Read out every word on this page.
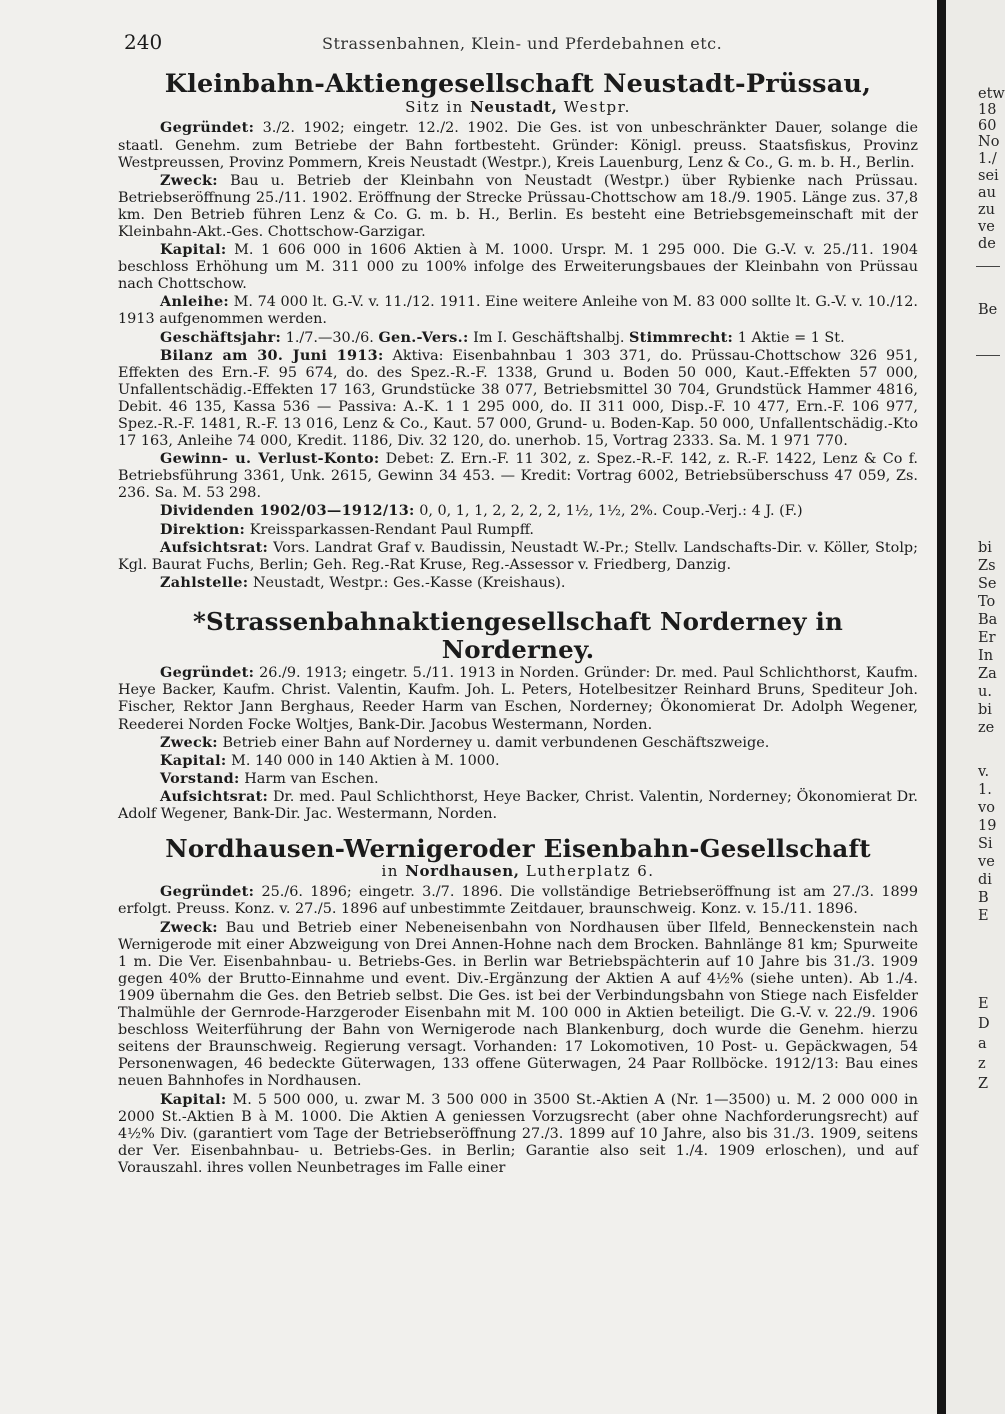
240	Strassenbahnen, Klein- und Pferdebahnen etc.
Kleinbahn-Aktiengesellschaft Neustadt-Prüssau,

Sitz in Neustadt, Westpr.

Gegründet: 3./2. 1902; eingetr. 12./2. 1902. Die Ges. ist von unbeschränkter Dauer, solange die staatl. Genehm. zum Betriebe der Bahn fortbesteht. Gründer: Königl. preuss. Staatsfiskus, Provinz Westpreussen, Provinz Pommern, Kreis Neustadt (Westpr.), Kreis Lauenburg, Lenz & Co., G. m. b. H., Berlin.

Zweck: Bau u. Betrieb der Kleinbahn von Neustadt (Westpr.) über Rybienke nach Prüssau. Betriebseröffnung 25./11. 1902. Eröffnung der Strecke Prüssau-Chottschow am 18./9. 1905. Länge zus. 37,8 km. Den Betrieb führen Lenz & Co. G. m. b. H., Berlin. Es besteht eine Betriebsgemeinschaft mit der Kleinbahn-Akt.-Ges. Chottschow-Garzigar.

Kapital: M. 1 606 000 in 1606 Aktien à M. 1000. Urspr. M. 1 295 000. Die G.-V. v. 25./11. 1904 beschloss Erhöhung um M. 311 000 zu 100% infolge des Erweiterungsbaues der Kleinbahn von Prüssau nach Chottschow.

Anleihe: M. 74 000 lt. G.-V. v. 11./12. 1911. Eine weitere Anleihe von M. 83 000 sollte lt. G.-V. v. 10./12. 1913 aufgenommen werden.

Geschäftsjahr: 1./7.—30./6. Gen.-Vers.: Im I. Geschäftshalbj. Stimmrecht: 1 Aktie = 1 St.

Bilanz am 30. Juni 1913: Aktiva: Eisenbahnbau 1 303 371, do. Prüssau-Chottschow 326 951, Effekten des Ern.-F. 95 674, do. des Spez.-R.-F. 1338, Grund u. Boden 50 000, Kaut.-Effekten 57 000, Unfallentschädig.-Effekten 17 163, Grundstücke 38 077, Betriebsmittel 30 704, Grundstück Hammer 4816, Debit. 46 135, Kassa 536 — Passiva: A.-K. 1 1 295 000, do. II 311 000, Disp.-F. 10 477, Ern.-F. 106 977, Spez.-R.-F. 1481, R.-F. 13 016, Lenz & Co., Kaut. 57 000, Grund- u. Boden-Kap. 50 000, Unfallentschädig.-Kto 17 163, Anleihe 74 000, Kredit. 1186, Div. 32 120, do. unerhob. 15, Vortrag 2333. Sa. M. 1 971 770.

Gewinn- u. Verlust-Konto: Debet: Z. Ern.-F. 11 302, z. Spez.-R.-F. 142, z. R.-F. 1422, Lenz & Co f. Betriebsführung 3361, Unk. 2615, Gewinn 34 453. — Kredit: Vortrag 6002, Betriebsüberschuss 47 059, Zs. 236. Sa. M. 53 298.

Dividenden 1902/03—1912/13: 0, 0, 1, 1, 2, 2, 2, 2, 1½, 1½, 2%. Coup.-Verj.: 4 J. (F.)

Direktion: Kreissparkassen-Rendant Paul Rumpff.

Aufsichtsrat: Vors. Landrat Graf v. Baudissin, Neustadt W.-Pr.; Stellv. Landschafts-Dir. v. Köller, Stolp; Kgl. Baurat Fuchs, Berlin; Geh. Reg.-Rat Kruse, Reg.-Assessor v. Friedberg, Danzig.

Zahlstelle: Neustadt, Westpr.: Ges.-Kasse (Kreishaus).

*Strassenbahnaktiengesellschaft Norderney in Norderney.

Gegründet: 26./9. 1913; eingetr. 5./11. 1913 in Norden. Gründer: Dr. med. Paul Schlichthorst, Kaufm. Heye Backer, Kaufm. Christ. Valentin, Kaufm. Joh. L. Peters, Hotelbesitzer Reinhard Bruns, Spediteur Joh. Fischer, Rektor Jann Berghaus, Reeder Harm van Eschen, Norderney; Ökonomierat Dr. Adolph Wegener, Reederei Norden Focke Woltjes, Bank-Dir. Jacobus Westermann, Norden.

Zweck: Betrieb einer Bahn auf Norderney u. damit verbundenen Geschäftszweige.

Kapital: M. 140 000 in 140 Aktien à M. 1000.

Vorstand: Harm van Eschen.

Aufsichtsrat: Dr. med. Paul Schlichthorst, Heye Backer, Christ. Valentin, Norderney; Ökonomierat Dr. Adolf Wegener, Bank-Dir. Jac. Westermann, Norden.

Nordhausen-Wernigeroder Eisenbahn-Gesellschaft

in Nordhausen, Lutherplatz 6.

Gegründet: 25./6. 1896; eingetr. 3./7. 1896. Die vollständige Betriebseröffnung ist am 27./3. 1899 erfolgt. Preuss. Konz. v. 27./5. 1896 auf unbestimmte Zeitdauer, braunschweig. Konz. v. 15./11. 1896.

Zweck: Bau und Betrieb einer Nebeneisenbahn von Nordhausen über Ilfeld, Benneckenstein nach Wernigerode mit einer Abzweigung von Drei Annen-Hohne nach dem Brocken. Bahnlänge 81 km; Spurweite 1 m. Die Ver. Eisenbahnbau- u. Betriebs-Ges. in Berlin war Betriebspächterin auf 10 Jahre bis 31./3. 1909 gegen 40% der Brutto-Einnahme und event. Div.-Ergänzung der Aktien A auf 4½% (siehe unten). Ab 1./4. 1909 übernahm die Ges. den Betrieb selbst. Die Ges. ist bei der Verbindungsbahn von Stiege nach Eisfelder Thalmühle der Gernrode-Harzgeroder Eisenbahn mit M. 100 000 in Aktien beteiligt. Die G.-V. v. 22./9. 1906 beschloss Weiterführung der Bahn von Wernigerode nach Blankenburg, doch wurde die Genehm. hierzu seitens der Braunschweig. Regierung versagt. Vorhanden: 17 Lokomotiven, 10 Post- u. Gepäckwagen, 54 Personenwagen, 46 bedeckte Güterwagen, 133 offene Güterwagen, 24 Paar Rollböcke. 1912/13: Bau eines neuen Bahnhofes in Nordhausen.

Kapital: M. 5 500 000, u. zwar M. 3 500 000 in 3500 St.-Aktien A (Nr. 1—3500) u. M. 2 000 000 in 2000 St.-Aktien B à M. 1000. Die Aktien A geniessen Vorzugsrecht (aber ohne Nachforderungsrecht) auf 4½% Div. (garantiert vom Tage der Betriebseröffnung 27./3. 1899 auf 10 Jahre, also bis 31./3. 1909, seitens der Ver. Eisenbahnbau- u. Betriebs-Ges. in Berlin; Garantie also seit 1./4. 1909 erloschen), und auf Vorauszahl. ihres vollen Neunbetrages im Falle einer

etw
18
60
No
1./
sei
au
zu
ve
de
Be
bi
Zs
Se
To
Ba
Er
In
Za
u.
bi
ze
v.
1.
vo
19
Si
ve
di
B
E
E
D
a
z
Z
